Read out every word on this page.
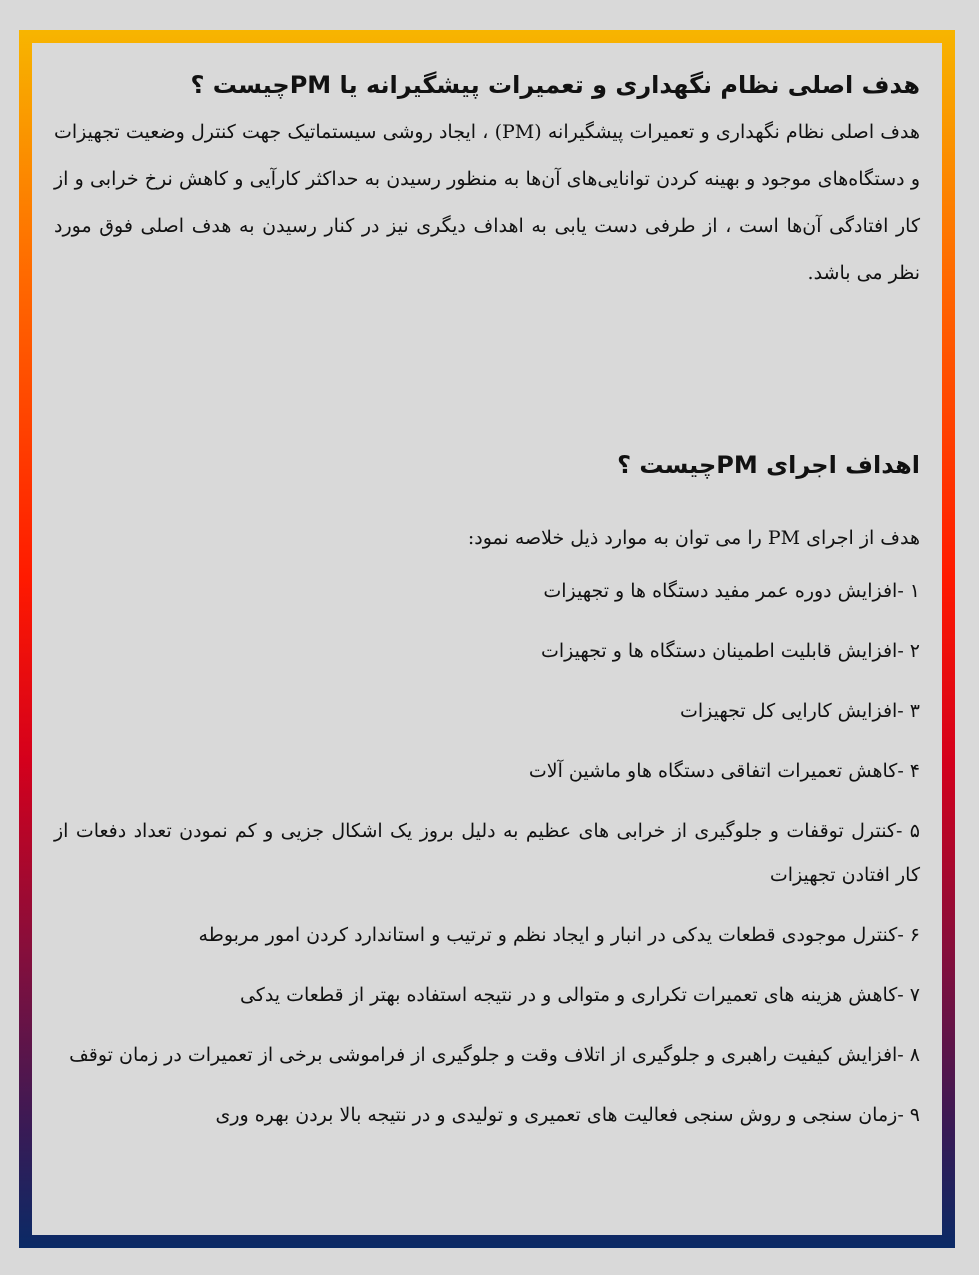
هدف اصلی نظام نگهداری و تعمیرات پیشگیرانه یا PMچیست ؟

هدف اصلی نظام نگهداری و تعمیرات پیشگیرانه (PM) ، ایجاد روشی سیستماتیک جهت کنترل وضعیت تجهیزات و دستگاه‌های موجود و بهینه کردن توانایی‌های آن‌ها به منظور رسیدن به حداکثر کارآیی و کاهش نرخ خرابی و از کار افتادگی آن‌ها است ، از طرفی دست یابی به اهداف دیگری نیز در کنار رسیدن به هدف اصلی فوق مورد نظر می باشد.

اهداف اجرای PMچیست ؟

هدف از اجرای PM را می توان به موارد ذیل خلاصه نمود:

۱ -افزایش دوره عمر مفید دستگاه ها و تجهیزات
۲ -افزایش قابلیت اطمینان دستگاه ها و تجهیزات
۳ -افزایش کارایی کل تجهیزات
۴ -کاهش تعمیرات اتفاقی دستگاه هاو ماشین آلات
۵ -کنترل توقفات و جلوگیری از خرابی های عظیم به دلیل بروز یک اشکال جزیی و کم نمودن تعداد دفعات از کار افتادن تجهیزات
۶ -کنترل موجودی قطعات یدکی در انبار و ایجاد نظم و ترتیب و استاندارد کردن امور مربوطه
۷ -کاهش هزینه های تعمیرات تکراری و متوالی و در نتیجه استفاده بهتر از قطعات یدکی
۸ -افزایش کیفیت راهبری و جلوگیری از اتلاف وقت و جلوگیری از فراموشی برخی از تعمیرات در زمان توقف
۹ -زمان سنجی و روش سنجی فعالیت های تعمیری و تولیدی و در نتیجه بالا بردن بهره وری
